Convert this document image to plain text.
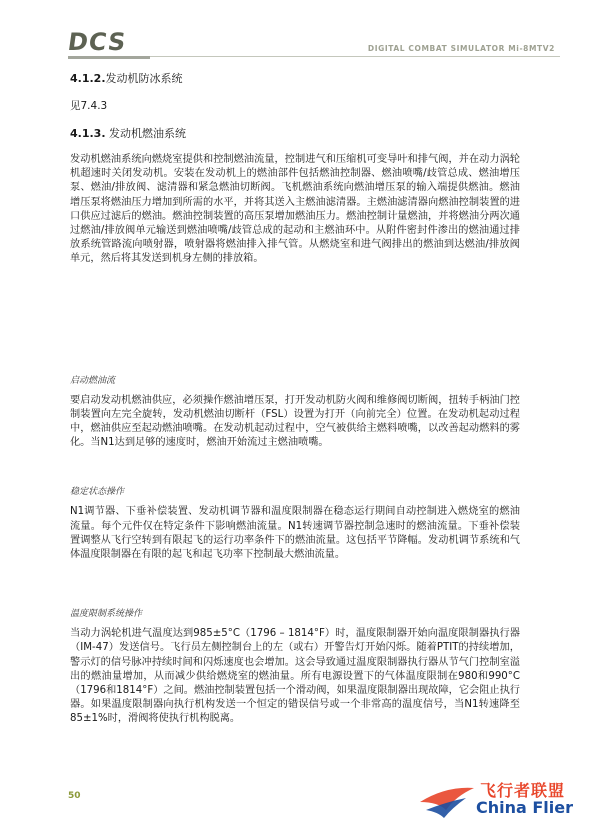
DCS	DIGITAL COMBAT SIMULATOR Mi-8MTV2

4.1.2.发动机防冰系统

见7.4.3

4.1.3. 发动机燃油系统

发动机燃油系统向燃烧室提供和控制燃油流量，控制进气和压缩机可变导叶和排气阀，并在动力涡轮机超速时关闭发动机。安装在发动机上的燃油部件包括燃油控制器、燃油喷嘴/歧管总成、燃油增压泵、燃油/排放阀、滤清器和紧急燃油切断阀。飞机燃油系统向燃油增压泵的输入端提供燃油。燃油增压泵将燃油压力增加到所需的水平，并将其送入主燃油滤清器。主燃油滤清器向燃油控制装置的进口供应过滤后的燃油。燃油控制装置的高压泵增加燃油压力。燃油控制计量燃油，并将燃油分两次通过燃油/排放阀单元输送到燃油喷嘴/歧管总成的起动和主燃油环中。从附件密封件渗出的燃油通过排放系统管路流向喷射器，喷射器将燃油排入排气管。从燃烧室和进气阀排出的燃油到达燃油/排放阀单元，然后将其发送到机身左侧的排放箱。

启动燃油流

要启动发动机燃油供应，必须操作燃油增压泵，打开发动机防火阀和维修阀切断阀，扭转手柄油门控制装置向左完全旋转，发动机燃油切断杆（FSL）设置为打开（向前完全）位置。在发动机起动过程中，燃油供应至起动燃油喷嘴。在发动机起动过程中，空气被供给主燃料喷嘴，以改善起动燃料的雾化。当N1达到足够的速度时，燃油开始流过主燃油喷嘴。

稳定状态操作

N1调节器、下垂补偿装置、发动机调节器和温度限制器在稳态运行期间自动控制进入燃烧室的燃油流量。每个元件仅在特定条件下影响燃油流量。N1转速调节器控制急速时的燃油流量。下垂补偿装置调整从飞行空转到有限起飞的运行功率条件下的燃油流量。这包括平节降幅。发动机调节系统和气体温度限制器在有限的起飞和起飞功率下控制最大燃油流量。

温度限制系统操作

当动力涡轮机进气温度达到985±5°C（1796 – 1814°F）时，温度限制器开始向温度限制器执行器（IM-47）发送信号。飞行员左侧控制台上的左（或右）开警告灯开始闪烁。随着PTIT的持续增加，警示灯的信号脉冲持续时间和闪烁速度也会增加。这会导致通过温度限制器执行器从节气门控制室溢出的燃油量增加，从而减少供给燃烧室的燃油量。所有电源设置下的气体温度限制在980和990°C（1796和1814°F）之间。燃油控制装置包括一个滑动阀，如果温度限制器出现故障，它会阻止执行器。如果温度限制器向执行机构发送一个恒定的错误信号或一个非常高的温度信号，当N1转速降至85±1%时，滑阀将使执行机构脱离。

50	飞行者联盟
China Flier
